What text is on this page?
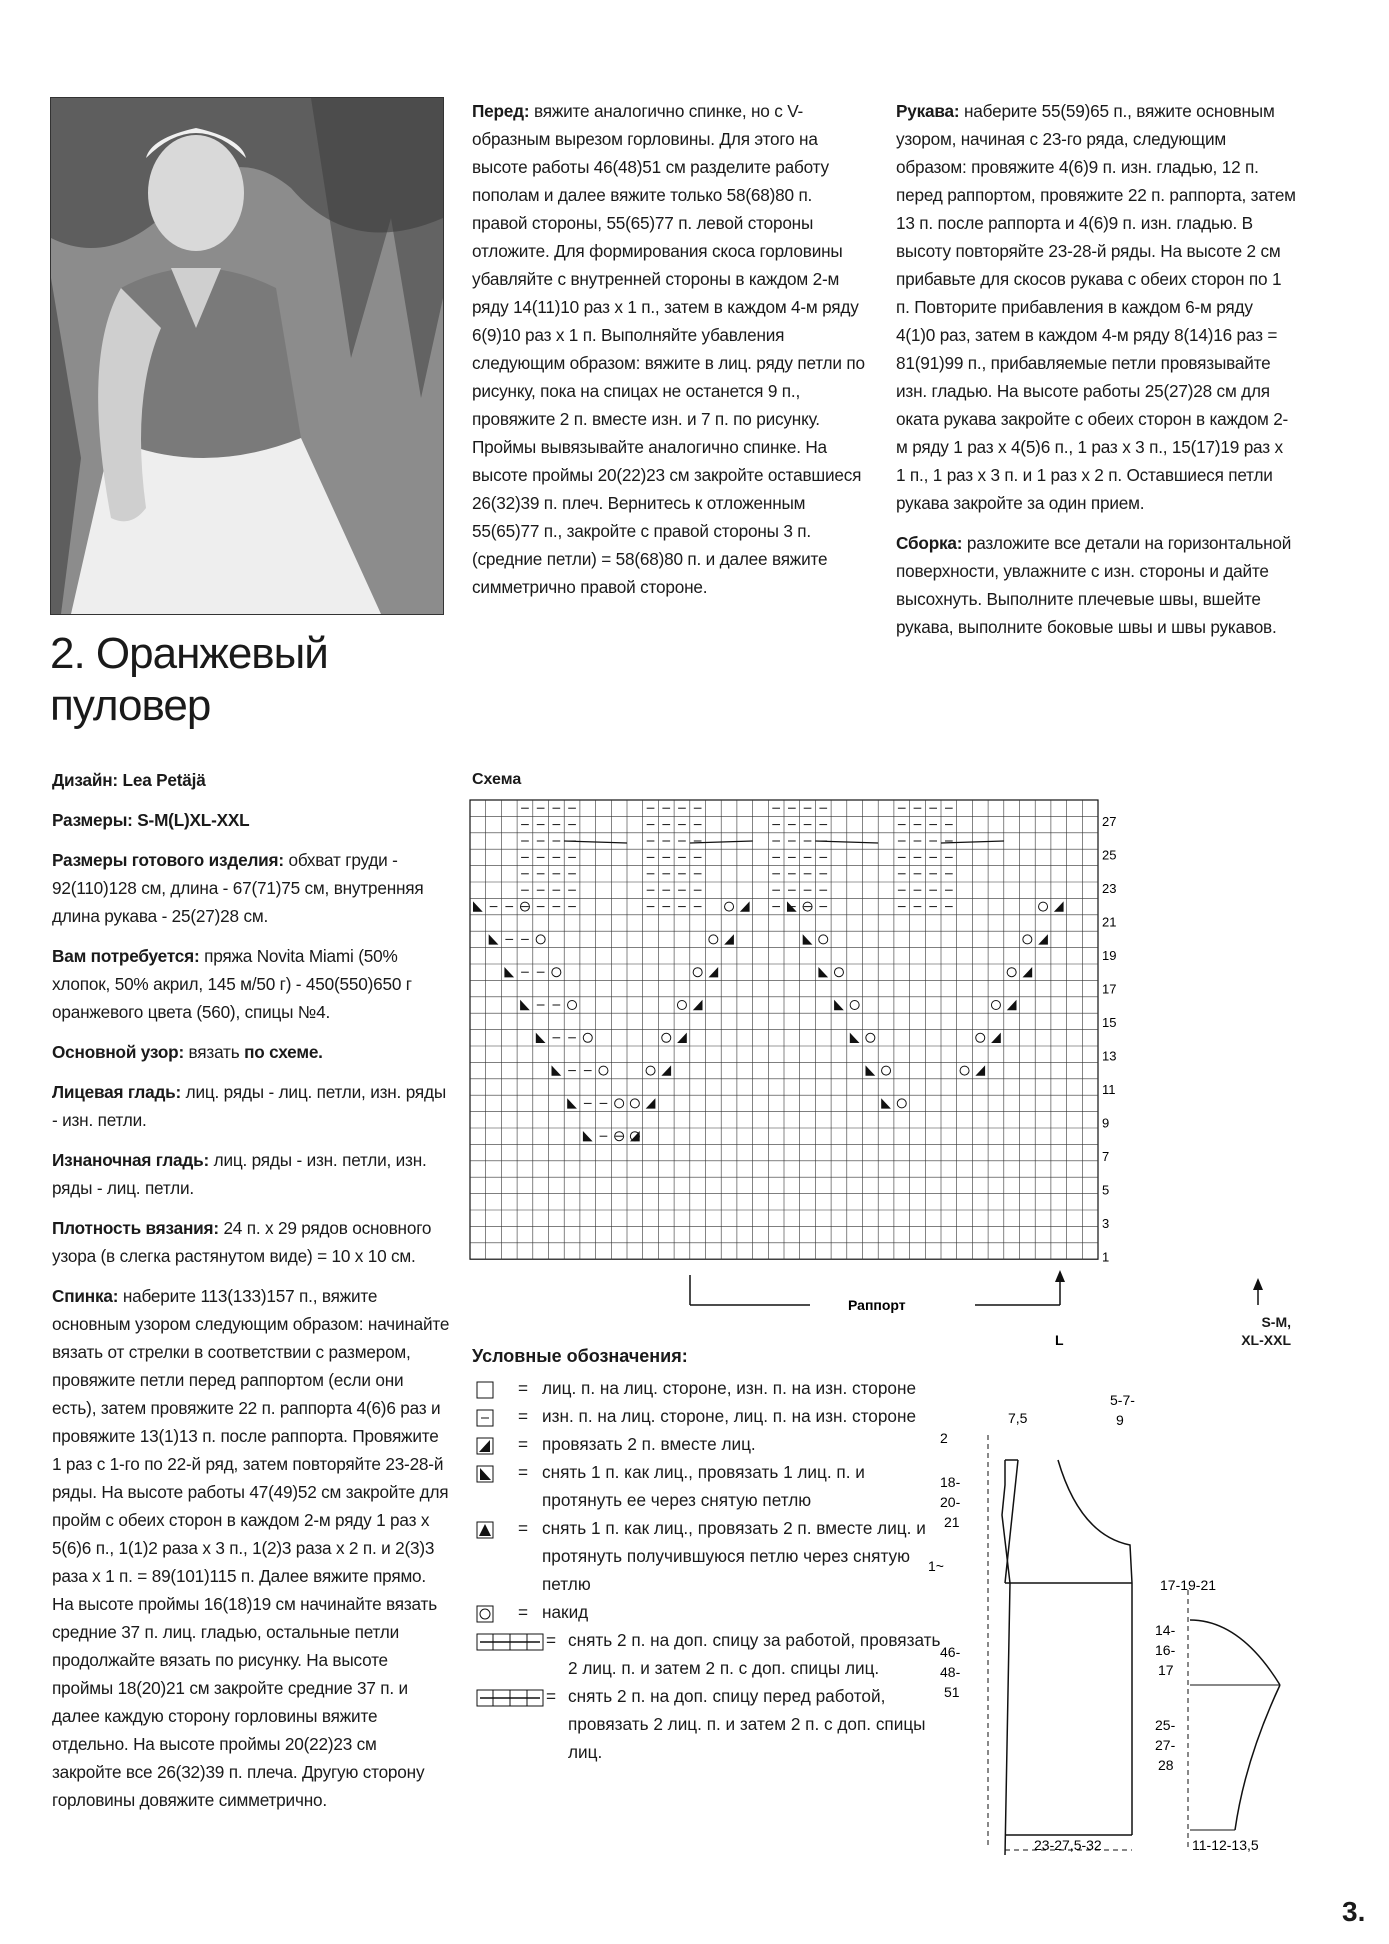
2. Оранжевый пуловер

Дизайн: Lea Petäjä

Размеры: S-M(L)XL-XXL

Размеры готового изделия: обхват груди - 92(110)128 см, длина - 67(71)75 см, внутренняя длина рукава - 25(27)28 см.

Вам потребуется: пряжа Novita Miami (50% хлопок, 50% акрил, 145 м/50 г) - 450(550)650 г оранжевого цвета (560), спицы №4.

Основной узор: вязать по схеме.

Лицевая гладь: лиц. ряды - лиц. петли, изн. ряды - изн. петли.

Изнаночная гладь: лиц. ряды - изн. петли, изн. ряды - лиц. петли.

Плотность вязания: 24 п. х 29 рядов основного узора (в слегка растянутом виде) = 10 х 10 см.

Спинка: наберите 113(133)157 п., вяжите основным узором следующим образом: начинайте вязать от стрелки в соответствии с размером, провяжите петли перед раппортом (если они есть), затем провяжите 22 п. раппорта 4(6)6 раз и провяжите 13(1)13 п. после раппорта. Провяжите 1 раз с 1-го по 22-й ряд, затем повторяйте 23-28-й ряды. На высоте работы 47(49)52 см закройте для пройм с обеих сторон в каждом 2-м ряду 1 раз х 5(6)6 п., 1(1)2 раза х 3 п., 1(2)3 раза х 2 п. и 2(3)3 раза х 1 п. = 89(101)115 п. Далее вяжите прямо. На высоте проймы 16(18)19 см начинайте вязать средние 37 п. лиц. гладью, остальные петли продолжайте вязать по рисунку. На высоте проймы 18(20)21 см закройте средние 37 п. и далее каждую сторону горловины вяжите отдельно. На высоте проймы 20(22)23 см закройте все 26(32)39 п. плеча. Другую сторону горловины довяжите симметрично.

Перед: вяжите аналогично спинке, но с V-образным вырезом горловины. Для этого на высоте работы 46(48)51 см разделите работу пополам и далее вяжите только 58(68)80 п. правой стороны, 55(65)77 п. левой стороны отложите. Для формирования скоса горловины убавляйте с внутренней стороны в каждом 2-м ряду 14(11)10 раз х 1 п., затем в каждом 4-м ряду 6(9)10 раз х 1 п. Выполняйте убавления следующим образом: вяжите в лиц. ряду петли по рисунку, пока на спицах не останется 9 п., провяжите 2 п. вместе изн. и 7 п. по рисунку. Проймы вывязывайте аналогично спинке. На высоте проймы 20(22)23 см закройте оставшиеся 26(32)39 п. плеч. Вернитесь к отложенным 55(65)77 п., закройте с правой стороны 3 п. (средние петли) = 58(68)80 п. и далее вяжите симметрично правой стороне.

Рукава: наберите 55(59)65 п., вяжите основным узором, начиная с 23-го ряда, следующим образом: провяжите 4(6)9 п. изн. гладью, 12 п. перед раппортом, провяжите 22 п. раппорта, затем 13 п. после раппорта и 4(6)9 п. изн. гладью. В высоту повторяйте 23-28-й ряды. На высоте 2 см прибавьте для скосов рукава с обеих сторон по 1 п. Повторите прибавления в каждом 6-м ряду 4(1)0 раз, затем в каждом 4-м ряду 8(14)16 раз = 81(91)99 п., прибавляемые петли провязывайте изн. гладью. На высоте работы 25(27)28 см для оката рукава закройте с обеих сторон в каждом 2-м ряду 1 раз х 4(5)6 п., 1 раз х 3 п., 15(17)19 раз х 1 п., 1 раз х 3 п. и 1 раз х 2 п. Оставшиеся петли рукава закройте за один прием.

Сборка: разложите все детали на горизонтальной поверхности, увлажните с изн. стороны и дайте высохнуть. Выполните плечевые швы, вшейте рукава, выполните боковые швы и швы рукавов.

Схема
27
25
23
21
19
17
15
13
11
9
7
5
3
1
Раппорт
L
S-M,
XL-XXL
Условные обозначения:
= лиц. п. на лиц. стороне, изн. п. на изн. стороне
= изн. п. на лиц. стороне, лиц. п. на изн. стороне
= провязать 2 п. вместе лиц.
= снять 1 п. как лиц., провязать 1 лиц. п. и протянуть ее через снятую петлю
= снять 1 п. как лиц., провязать 2 п. вместе лиц. и протянуть получившуюся петлю через снятую петлю
= накид
= снять 2 п. на доп. спицу за работой, провязать 2 лиц. п. и затем 2 п. с доп. спицы лиц.
= снять 2 п. на доп. спицу перед работой, провязать 2 лиц. п. и затем 2 п. с доп. спицы лиц.
2
7,5
5-7-
9
18-
20-
21
1~
46-
48-
51
23-27,5-32
17-19-21
14-
16-
17
25-
27-
28
11-12-13,5
3.
